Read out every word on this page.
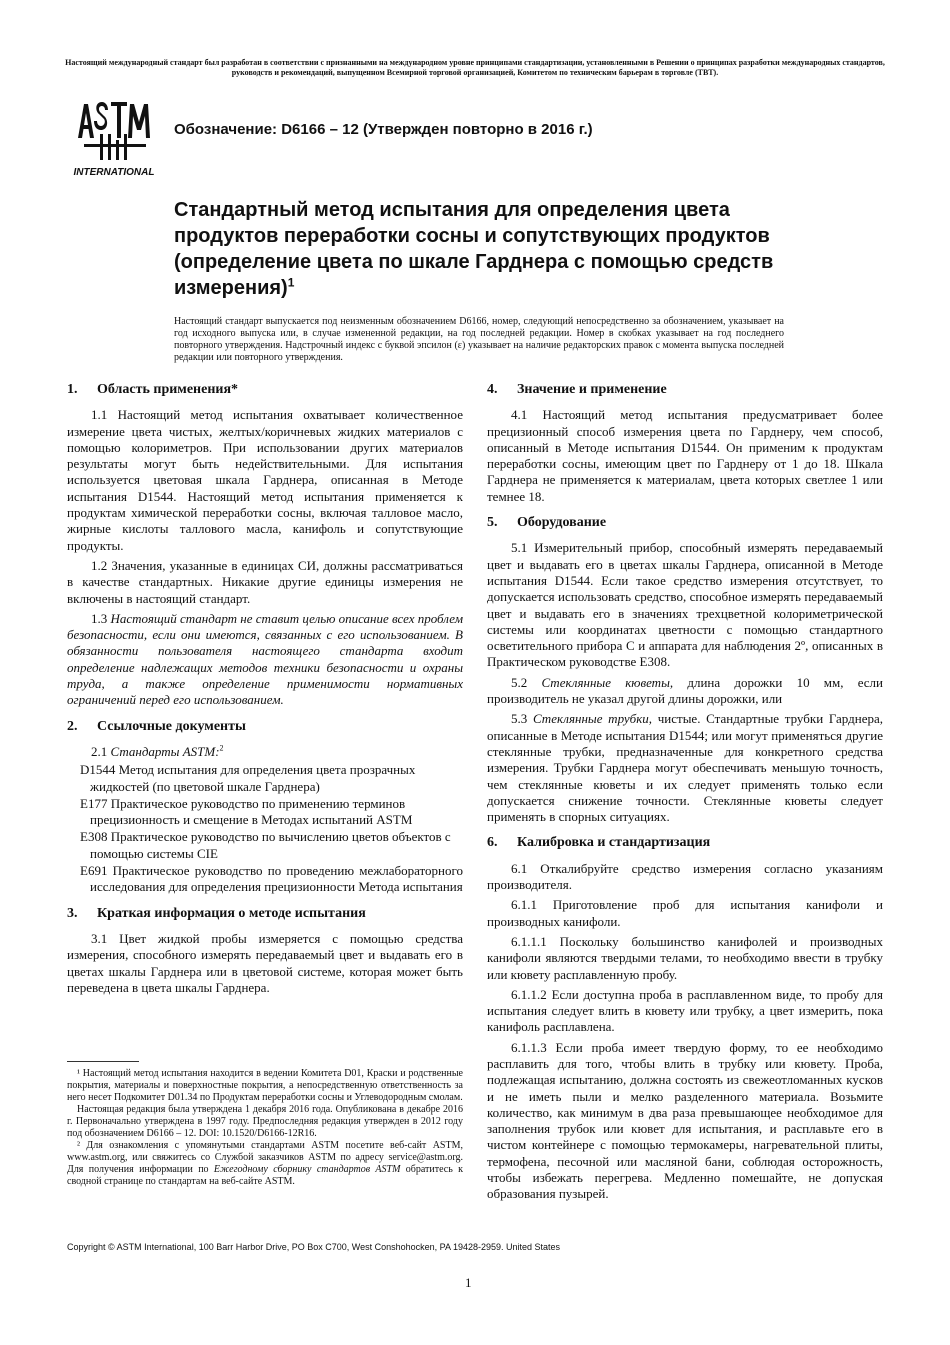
Настоящий международный стандарт был разработан в соответствии с признанными на международном уровне принципами стандартизации, установленными в Решении о принципах разработки международных стандартов, руководств и рекомендаций, выпущенном Всемирной торговой организацией, Комитетом по техническим барьерам в торговле (ТВТ).
INTERNATIONAL
Обозначение: D6166 – 12 (Утвержден повторно в 2016 г.)
Стандартный метод испытания для определения цвета продуктов переработки сосны и сопутствующих продуктов (определение цвета по шкале Гарднера с помощью средств измерения)$^1$
Настоящий стандарт выпускается под неизменным обозначением D6166, номер, следующий непосредственно за обозначением, указывает на год исходного выпуска или, в случае измененной редакции, на год последней редакции. Номер в скобках указывает на год последнего повторного утверждения. Надстрочный индекс с буквой эпсилон (ε) указывает на наличие редакторских правок с момента выпуска последней редакции или повторного утверждения.
1. Область применения*
1.1 Настоящий метод испытания охватывает количественное измерение цвета чистых, желтых/коричневых жидких материалов с помощью колориметров. При использовании других материалов результаты могут быть недействительными. Для испытания используется цветовая шкала Гарднера, описанная в Методе испытания D1544. Настоящий метод испытания применяется к продуктам химической переработки сосны, включая талловое масло, жирные кислоты таллового масла, канифоль и сопутствующие продукты.
1.2 Значения, указанные в единицах СИ, должны рассматриваться в качестве стандартных. Никакие другие единицы измерения не включены в настоящий стандарт.
1.3 Настоящий стандарт не ставит целью описание всех проблем безопасности, если они имеются, связанных с его использованием. В обязанности пользователя настоящего стандарта входит определение надлежащих методов техники безопасности и охраны труда, а также определение применимости нормативных ограничений перед его использованием.
2. Ссылочные документы
2.1 Стандарты ASTM:$^2$
D1544 Метод испытания для определения цвета прозрачных жидкостей (по цветовой шкале Гарднера)
E177 Практическое руководство по применению терминов прецизионность и смещение в Методах испытаний ASTM
E308 Практическое руководство по вычислению цветов объектов с помощью системы CIE
E691 Практическое руководство по проведению межлабораторного исследования для определения прецизионности Метода испытания
3. Краткая информация о методе испытания
3.1 Цвет жидкой пробы измеряется с помощью средства измерения, способного измерять передаваемый цвет и выдавать его в цветах шкалы Гарднера или в цветовой системе, которая может быть переведена в цвета шкалы Гарднера.
¹ Настоящий метод испытания находится в ведении Комитета D01, Краски и родственные покрытия, материалы и поверхностные покрытия, а непосредственную ответственность за него несет Подкомитет D01.34 по Продуктам переработки сосны и Углеводородным смолам.
Настоящая редакция была утверждена 1 декабря 2016 года. Опубликована в декабре 2016 г. Первоначально утверждена в 1997 году. Предпоследняя редакция утвержден в 2012 году под обозначением D6166 – 12. DOI: 10.1520/D6166-12R16.
² Для ознакомления с упомянутыми стандартами ASTM посетите веб-сайт ASTM, www.astm.org, или свяжитесь со Службой заказчиков ASTM по адресу service@astm.org. Для получения информации по Ежегодному сборнику стандартов ASTM обратитесь к сводной странице по стандартам на веб-сайте ASTM.
4. Значение и применение
4.1 Настоящий метод испытания предусматривает более прецизионный способ измерения цвета по Гарднеру, чем способ, описанный в Методе испытания D1544. Он применим к продуктам переработки сосны, имеющим цвет по Гарднеру от 1 до 18. Шкала Гарднера не применяется к материалам, цвета которых светлее 1 или темнее 18.
5. Оборудование
5.1 Измерительный прибор, способный измерять передаваемый цвет и выдавать его в цветах шкалы Гарднера, описанной в Методе испытания D1544. Если такое средство измерения отсутствует, то допускается использовать средство, способное измерять передаваемый цвет и выдавать его в значениях трехцветной колориметрической системы или координатах цветности с помощью стандартного осветительного прибора C и аппарата для наблюдения 2º, описанных в Практическом руководстве E308.
5.2 Стеклянные кюветы, длина дорожки 10 мм, если производитель не указал другой длины дорожки, или
5.3 Стеклянные трубки, чистые. Стандартные трубки Гарднера, описанные в Методе испытания D1544; или могут применяться другие стеклянные трубки, предназначенные для конкретного средства измерения. Трубки Гарднера могут обеспечивать меньшую точность, чем стеклянные кюветы и их следует применять только если допускается снижение точности. Стеклянные кюветы следует применять в спорных ситуациях.
6. Калибровка и стандартизация
6.1 Откалибруйте средство измерения согласно указаниям производителя.
6.1.1 Приготовление проб для испытания канифоли и производных канифоли.
6.1.1.1 Поскольку большинство канифолей и производных канифоли являются твердыми телами, то необходимо ввести в трубку или кювету расплавленную пробу.
6.1.1.2 Если доступна проба в расплавленном виде, то пробу для испытания следует влить в кювету или трубку, а цвет измерить, пока канифоль расплавлена.
6.1.1.3 Если проба имеет твердую форму, то ее необходимо расплавить для того, чтобы влить в трубку или кювету. Проба, подлежащая испытанию, должна состоять из свежеотломанных кусков и не иметь пыли и мелко разделенного материала. Возьмите количество, как минимум в два раза превышающее необходимое для заполнения трубок или кювет для испытания, и расплавьте его в чистом контейнере с помощью термокамеры, нагревательной плиты, термофена, песочной или масляной бани, соблюдая осторожность, чтобы избежать перегрева. Медленно помешайте, не допуская образования пузырей.
Copyright © ASTM International, 100 Barr Harbor Drive, PO Box C700, West Conshohocken, PA 19428-2959. United States
1
